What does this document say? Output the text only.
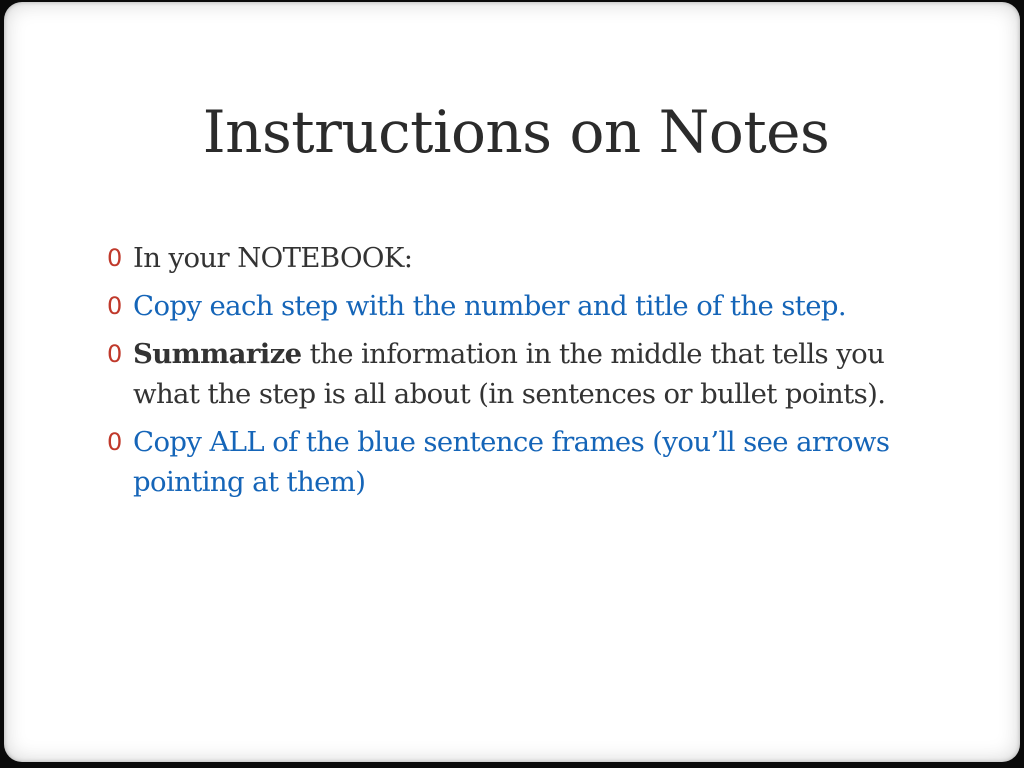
Instructions on Notes
0 In your NOTEBOOK:
0 Copy each step with the number and title of the step.
0 Summarize the information in the middle that tells you what the step is all about (in sentences or bullet points).
0 Copy ALL of the blue sentence frames (you’ll see arrows pointing at them)
